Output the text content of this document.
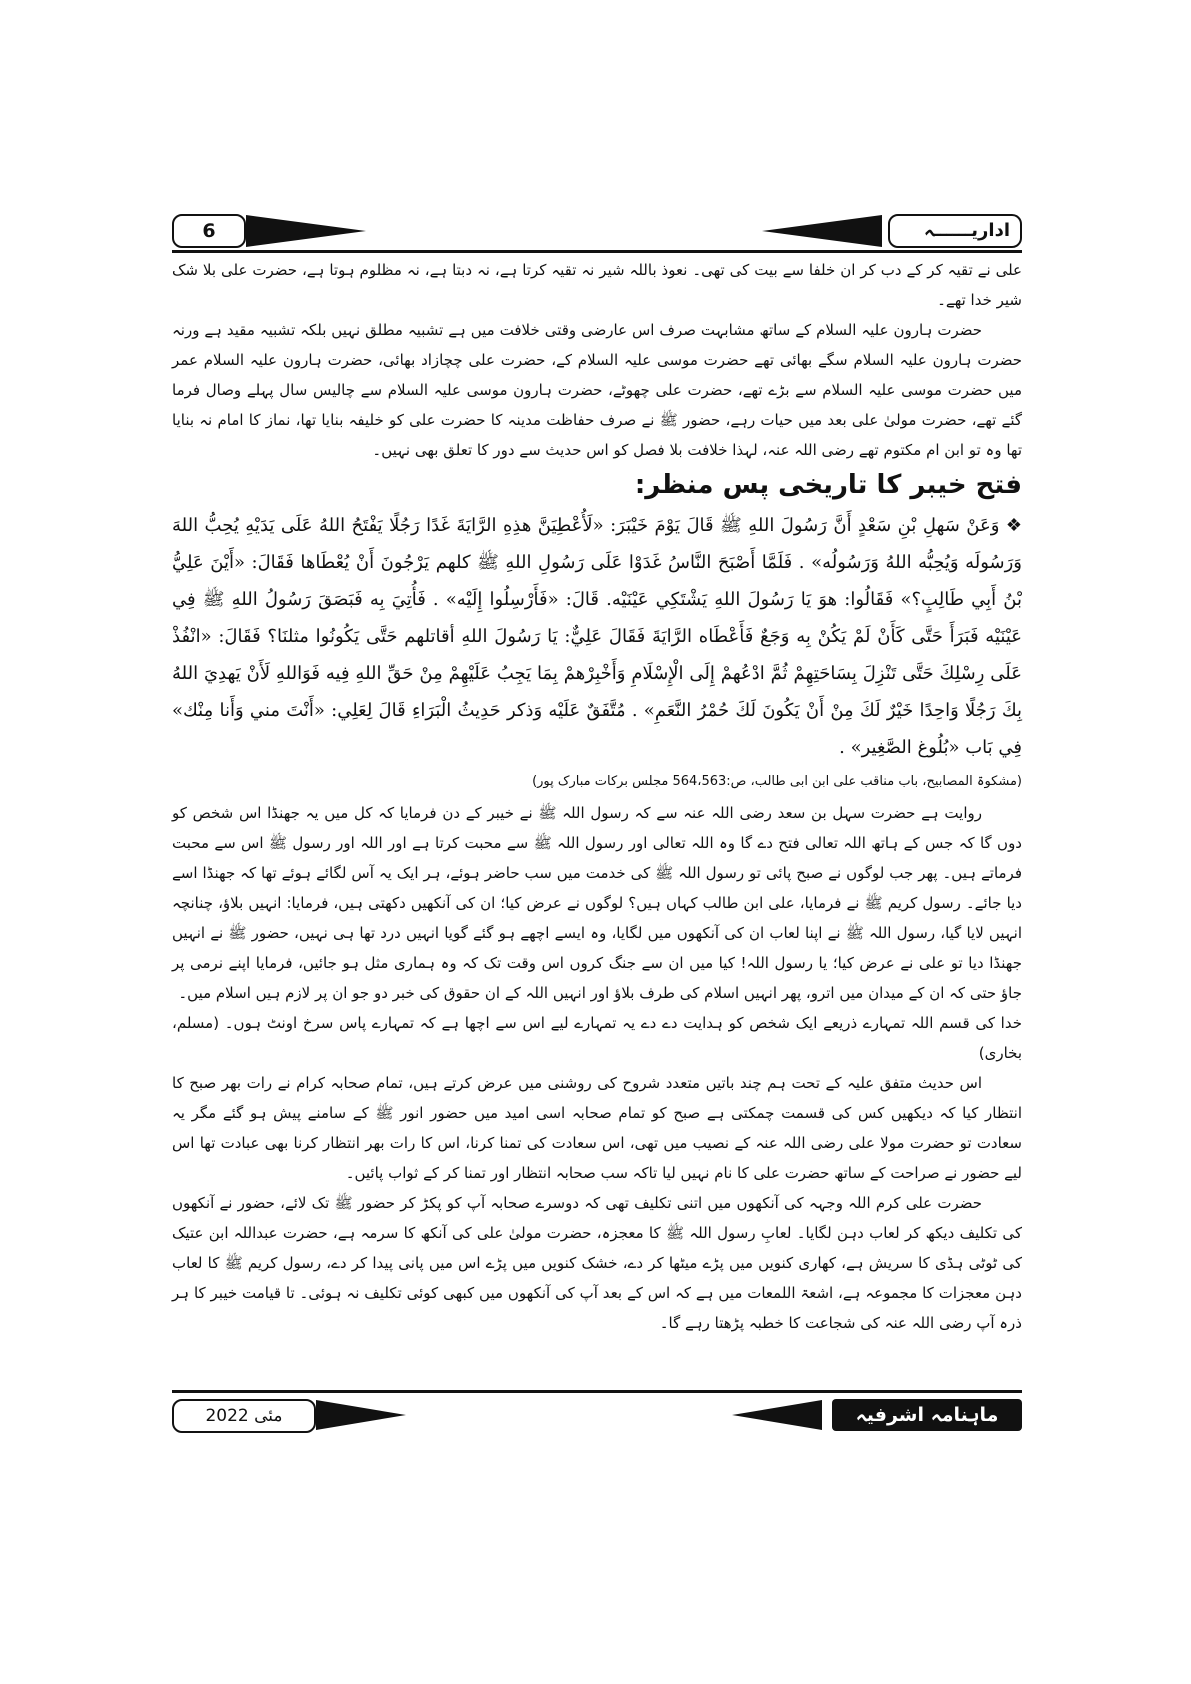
6	اداریــــــہ

علی نے تقیہ کر کے دب کر ان خلفا سے بیت کی تھی۔ نعوذ باللہ شیر نہ تقیہ کرتا ہے، نہ دبتا ہے، نہ مظلوم ہوتا ہے، حضرت علی بلا شک شیر خدا تھے۔

حضرت ہارون علیہ السلام کے ساتھ مشابہت صرف اس عارضی وقتی خلافت میں ہے تشبیہ مطلق نہیں بلکہ تشبیہ مقید ہے ورنہ حضرت ہارون علیہ السلام سگے بھائی تھے حضرت موسی علیہ السلام کے، حضرت علی چچازاد بھائی، حضرت ہارون علیہ السلام عمر میں حضرت موسی علیہ السلام سے بڑے تھے، حضرت علی چھوٹے، حضرت ہارون موسی علیہ السلام سے چالیس سال پہلے وصال فرما گئے تھے، حضرت مولیٰ علی بعد میں حیات رہے، حضور ﷺ نے صرف حفاظت مدینہ کا حضرت علی کو خلیفہ بنایا تھا، نماز کا امام نہ بنایا تھا وہ تو ابن ام مکتوم تھے رضی اللہ عنہ، لہذا خلافت بلا فصل کو اس حدیث سے دور کا تعلق بھی نہیں۔

فتح خیبر کا تاریخی پس منظر:

❖ وَعَنْ سَهلِ بْنِ سَعْدٍ أَنَّ رَسُولَ اللهِ ﷺ قَالَ يَوْمَ خَيْبَرَ: «لَأُعْطِيَنَّ هذِهِ الرَّايَةَ غَدًا رَجُلًا يَفْتَحُ اللهُ عَلَى يَدَيْهِ يُحِبُّ اللهَ وَرَسُولَه وَيُحِبُّه اللهُ وَرَسُولُه» . فَلَمَّا أَصْبَحَ النَّاسُ غَدَوْا عَلَى رَسُولِ اللهِ ﷺ كلهم يَرْجُونَ أَنْ يُعْطَاها فَقَالَ: «أَيْنَ عَلِيُّ بْنُ أَبِي طَالِبٍ؟» فَقَالُوا: هوَ يَا رَسُولَ اللهِ يَشْتَكِي عَيْنَيْه. قَالَ: «فَأَرْسِلُوا إِلَيْه» . فَأُتِيَ بِه فَبَصَقَ رَسُولُ اللهِ ﷺ فِي عَيْنَيْه فَبَرَأَ حَتَّى كَأَنْ لَمْ يَكُنْ بِه وَجَعٌ فَأَعْطَاه الرَّايَةَ فَقَالَ عَلِيٌّ: يَا رَسُولَ اللهِ أقاتلهم حَتَّى يَكُونُوا مثلنَا؟ فَقَالَ: «انْفُذْ عَلَى رِسْلِكَ حَتَّى تَنْزِلَ بِسَاحَتِهِمْ ثُمَّ ادْعُهمْ إِلَى الْإِسْلَامِ وَأَخْبِرْهمْ بِمَا يَجِبُ عَلَيْهِمْ مِنْ حَقِّ اللهِ فِيه فَوَاللهِ لَأَنْ يَهدِيَ اللهُ بِكَ رَجُلًا وَاحِدًا خَيْرٌ لَكَ مِنْ أَنْ يَكُونَ لَكَ حُمْرُ النَّعَمِ» . مُتَّفَقٌ عَلَيْه وَذكر حَدِيثُ الْبَرَاءِ قَالَ لِعَلِي: «أَنْتَ مني وَأَنا مِنْك» فِي بَاب «بُلُوغ الصَّغِير» .

(مشکوۃ المصابیح، باب مناقب علی ابن ابی طالب، ص:564،563 مجلس برکات مبارک پور)

روایت ہے حضرت سہل بن سعد رضی اللہ عنہ سے کہ رسول اللہ ﷺ نے خیبر کے دن فرمایا کہ کل میں یہ جھنڈا اس شخص کو دوں گا کہ جس کے ہاتھ اللہ تعالی فتح دے گا وہ اللہ تعالی اور رسول اللہ ﷺ سے محبت کرتا ہے اور اللہ اور رسول ﷺ اس سے محبت فرماتے ہیں۔ پھر جب لوگوں نے صبح پائی تو رسول اللہ ﷺ کی خدمت میں سب حاضر ہوئے، ہر ایک یہ آس لگائے ہوئے تھا کہ جھنڈا اسے دیا جائے۔ رسول کریم ﷺ نے فرمایا، علی ابن طالب کہاں ہیں؟ لوگوں نے عرض کیا؛ ان کی آنکھیں دکھتی ہیں، فرمایا: انہیں بلاؤ، چنانچہ انہیں لایا گیا، رسول اللہ ﷺ نے اپنا لعاب ان کی آنکھوں میں لگایا، وہ ایسے اچھے ہو گئے گویا انہیں درد تھا ہی نہیں، حضور ﷺ نے انہیں جھنڈا دیا تو علی نے عرض کیا؛ یا رسول اللہ! کیا میں ان سے جنگ کروں اس وقت تک کہ وہ ہماری مثل ہو جائیں، فرمایا اپنے نرمی پر جاؤ حتی کہ ان کے میدان میں اترو، پھر انہیں اسلام کی طرف بلاؤ اور انہیں اللہ کے ان حقوق کی خبر دو جو ان پر لازم ہیں اسلام میں۔

خدا کی قسم اللہ تمہارے ذریعے ایک شخص کو ہدایت دے دے یہ تمہارے لیے اس سے اچھا ہے کہ تمہارے پاس سرخ اونٹ ہوں۔ (مسلم، بخاری)

اس حدیث متفق علیہ کے تحت ہم چند باتیں متعدد شروح کی روشنی میں عرض کرتے ہیں، تمام صحابہ کرام نے رات بھر صبح کا انتظار کیا کہ دیکھیں کس کی قسمت چمکتی ہے صبح کو تمام صحابہ اسی امید میں حضور انور ﷺ کے سامنے پیش ہو گئے مگر یہ سعادت تو حضرت مولا علی رضی اللہ عنہ کے نصیب میں تھی، اس سعادت کی تمنا کرنا، اس کا رات بھر انتظار کرنا بھی عبادت تھا اس لیے حضور نے صراحت کے ساتھ حضرت علی کا نام نہیں لیا تاکہ سب صحابہ انتظار اور تمنا کر کے ثواب پائیں۔

حضرت علی کرم اللہ وجہہ کی آنکھوں میں اتنی تکلیف تھی کہ دوسرے صحابہ آپ کو پکڑ کر حضور ﷺ تک لائے، حضور نے آنکھوں کی تکلیف دیکھ کر لعاب دہن لگایا۔ لعابِ رسول اللہ ﷺ کا معجزہ، حضرت مولیٰ علی کی آنکھ کا سرمہ ہے، حضرت عبداللہ ابن عتیک کی ٹوٹی ہڈی کا سریش ہے، کھاری کنویں میں پڑے میٹھا کر دے، خشک کنویں میں پڑے اس میں پانی پیدا کر دے، رسول کریم ﷺ کا لعاب دہن معجزات کا مجموعہ ہے، اشعۃ اللمعات میں ہے کہ اس کے بعد آپ کی آنکھوں میں کبھی کوئی تکلیف نہ ہوئی۔ تا قیامت خیبر کا ہر ذرہ آپ رضی اللہ عنہ کی شجاعت کا خطبہ پڑھتا رہے گا۔

مئی 2022	ماہنامہ اشرفیہ
